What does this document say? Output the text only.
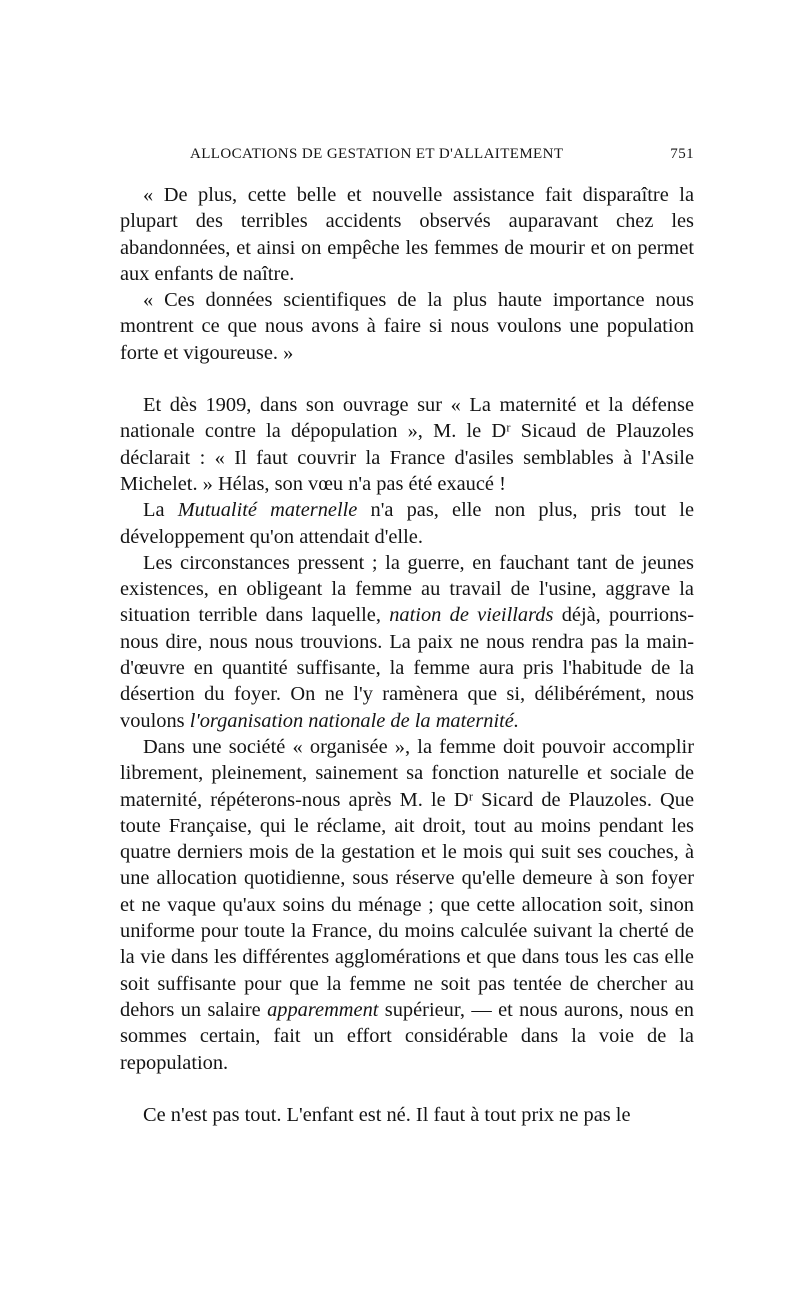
ALLOCATIONS DE GESTATION ET D'ALLAITEMENT	751

« De plus, cette belle et nouvelle assistance fait disparaître la plupart des terribles accidents observés auparavant chez les abandonnées, et ainsi on empêche les femmes de mourir et on permet aux enfants de naître.

« Ces données scientifiques de la plus haute importance nous montrent ce que nous avons à faire si nous voulons une population forte et vigoureuse. »

Et dès 1909, dans son ouvrage sur « La maternité et la défense nationale contre la dépopulation », M. le Dʳ Sicaud de Plauzoles déclarait : « Il faut couvrir la France d'asiles semblables à l'Asile Michelet. » Hélas, son vœu n'a pas été exaucé !

La Mutualité maternelle n'a pas, elle non plus, pris tout le développement qu'on attendait d'elle.

Les circonstances pressent ; la guerre, en fauchant tant de jeunes existences, en obligeant la femme au travail de l'usine, aggrave la situation terrible dans laquelle, nation de vieillards déjà, pourrions-nous dire, nous nous trouvions. La paix ne nous rendra pas la main-d'œuvre en quantité suffisante, la femme aura pris l'habitude de la désertion du foyer. On ne l'y ramènera que si, délibérément, nous voulons l'organisation nationale de la maternité.

Dans une société « organisée », la femme doit pouvoir accomplir librement, pleinement, sainement sa fonction naturelle et sociale de maternité, répéterons-nous après M. le Dʳ Sicard de Plauzoles. Que toute Française, qui le réclame, ait droit, tout au moins pendant les quatre derniers mois de la gestation et le mois qui suit ses couches, à une allocation quotidienne, sous réserve qu'elle demeure à son foyer et ne vaque qu'aux soins du ménage ; que cette allocation soit, sinon uniforme pour toute la France, du moins calculée suivant la cherté de la vie dans les différentes agglomérations et que dans tous les cas elle soit suffisante pour que la femme ne soit pas tentée de chercher au dehors un salaire apparemment supérieur, — et nous aurons, nous en sommes certain, fait un effort considérable dans la voie de la repopulation.

Ce n'est pas tout. L'enfant est né. Il faut à tout prix ne pas le
